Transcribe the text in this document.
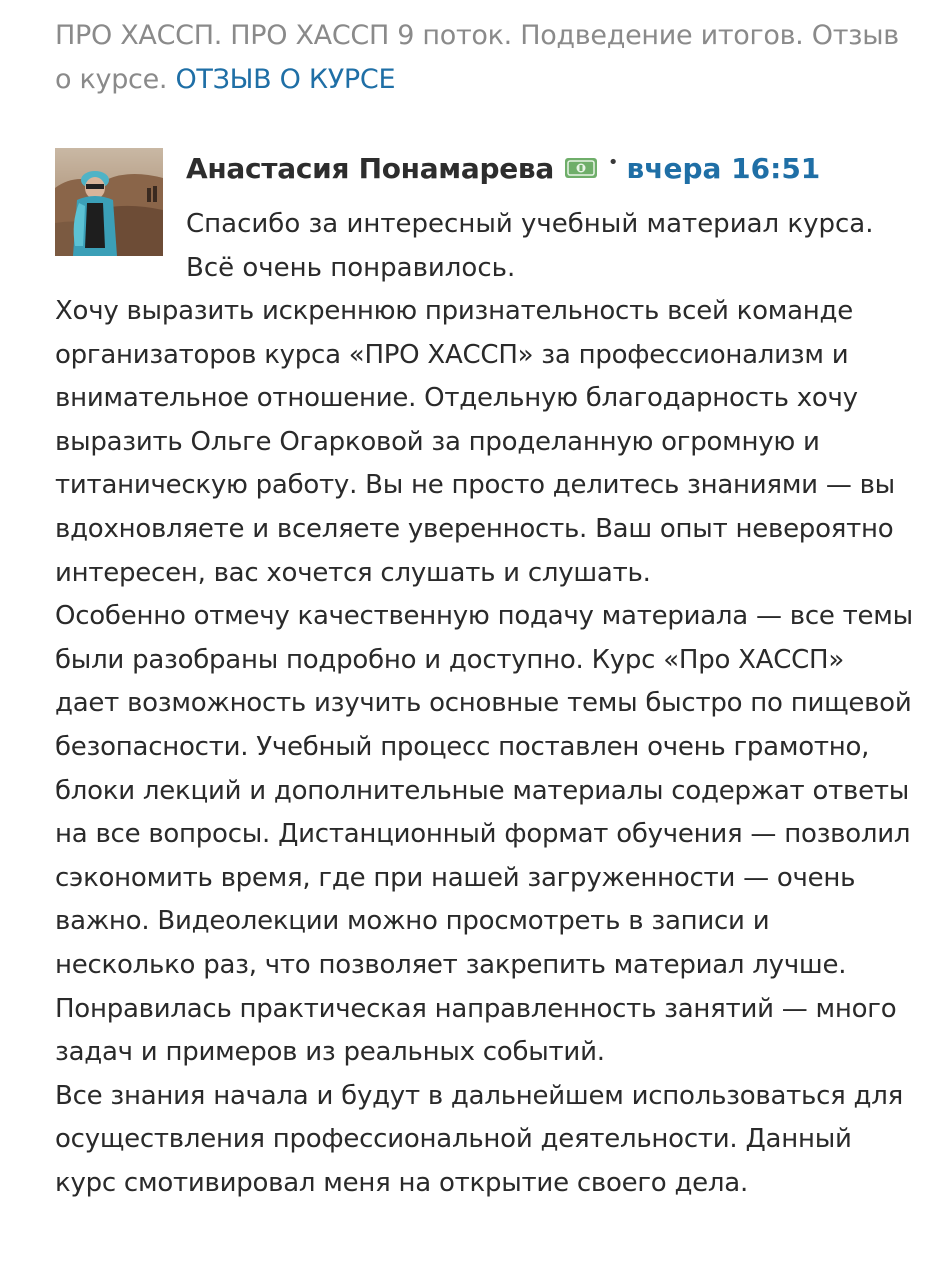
ПРО ХАССП. ПРО ХАССП 9 поток. Подведение итогов. Отзыв о курсе. ОТЗЫВ О КУРСЕ
Анастасия Понамарева	• вчера 16:51
Спасибо за интересный учебный материал курса. Всё очень понравилось.

Хочу выразить искреннюю признательность всей команде организаторов курса «ПРО ХАССП» за профессионализм и внимательное отношение. Отдельную благодарность хочу выразить Ольге Огарковой за проделанную огромную и титаническую работу. Вы не просто делитесь знаниями — вы вдохновляете и вселяете уверенность. Ваш опыт невероятно интересен, вас хочется слушать и слушать.

Особенно отмечу качественную подачу материала — все темы были разобраны подробно и доступно. Курс «Про ХАССП» дает возможность изучить основные темы быстро по пищевой безопасности. Учебный процесс поставлен очень грамотно, блоки лекций и дополнительные материалы содержат ответы на все вопросы. Дистанционный формат обучения — позволил сэкономить время, где при нашей загруженности — очень важно. Видеолекции можно просмотреть в записи и несколько раз, что позволяет закрепить материал лучше. Понравилась практическая направленность занятий — много задач и примеров из реальных событий.

Все знания начала и будут в дальнейшем использоваться для осуществления профессиональной деятельности. Данный курс смотивировал меня на открытие своего дела.
